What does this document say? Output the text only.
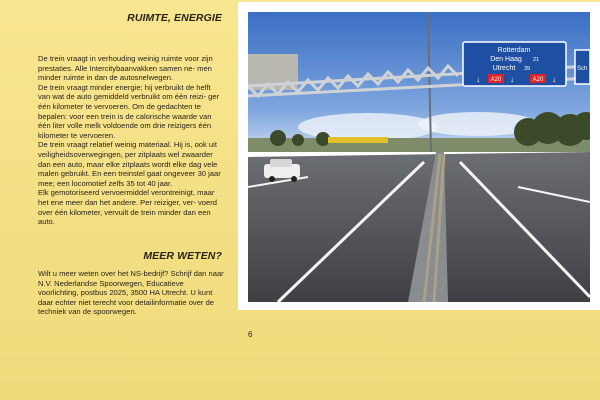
RUIMTE, ENERGIE

De trein vraagt in verhouding weinig ruimte voor zijn prestaties. Alle Intercitybaanvakken samen ne- men minder ruimte in dan de autosnelwegen.

De trein vraagt minder energie; hij verbruikt de helft van wat de auto gemiddeld verbruikt om één reizi- ger één kilometer te vervoeren. Om de gedachten te bepalen: voor een trein is de calorische waarde van één liter volle melk voldoende om drie reizigers één kilometer te vervoeren.

De trein vraagt relatief weinig materiaal. Hij is, ook uit veiligheidsoverwegingen, per zitplaats wel zwaarder dan een auto, maar elke zitplaats wordt elke dag vele malen gebruikt. En een treinstel gaat ongeveer 30 jaar mee; een locomotief zelfs 35 tot 40 jaar.

Elk gemotoriseerd vervoermiddel verontreinigt, maar het ene meer dan het andere. Per reiziger, ver- voerd over één kilometer, vervuilt de trein minder dan een auto.

MEER WETEN?

Wilt u meer weten over het NS-bedrijf? Schrijf dan naar N.V. Nederlandse Spoorwegen, Educatieve voorlichting, postbus 2025, 3500 HA Utrecht. U kunt daar echter niet terecht voor detailinformatie over de techniek van de spoorwegen.

Rotterdam
Den Haag 21
Utrecht 39
↓ A20 ↓	A20 ↓
Sch
6
